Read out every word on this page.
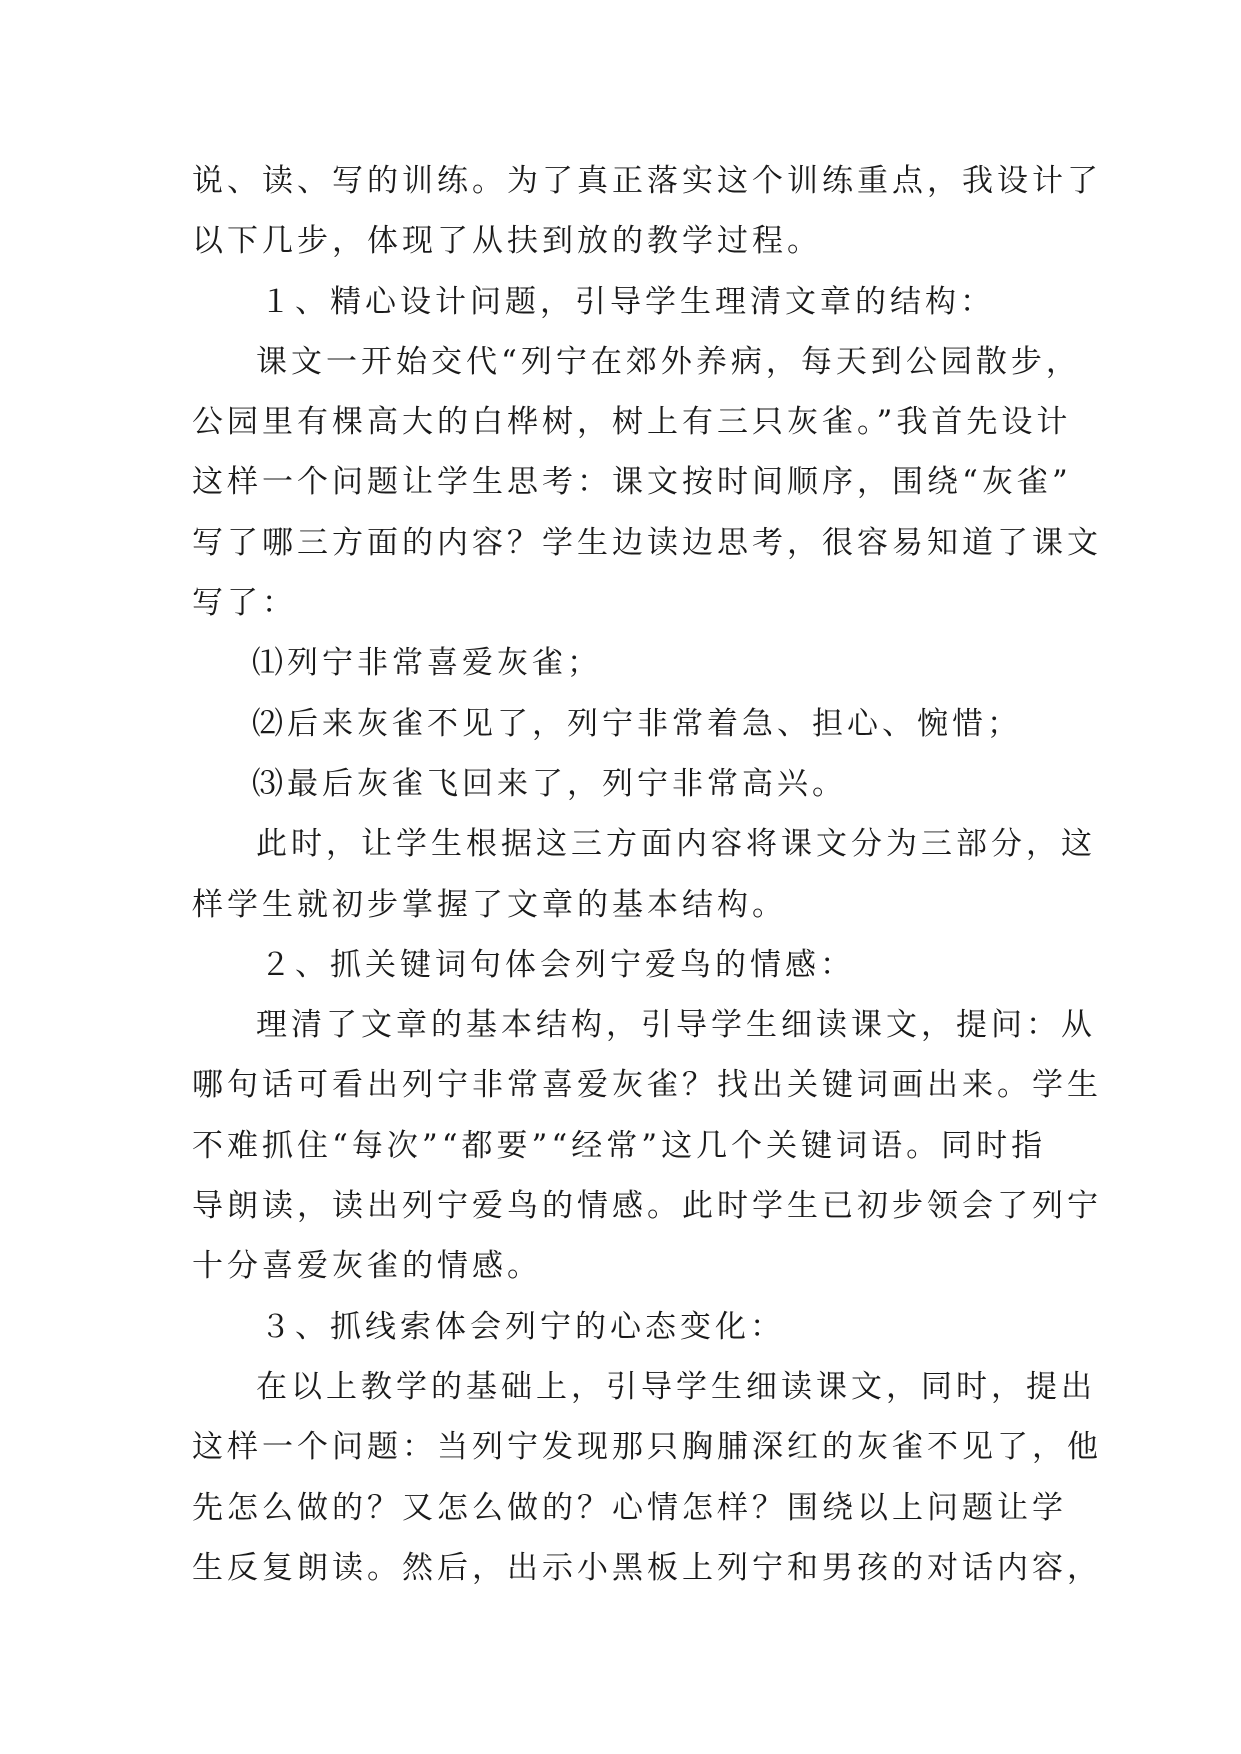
说、读、写的训练。为了真正落实这个训练重点，我设计了
以下几步，体现了从扶到放的教学过程。
１、精心设计问题，引导学生理清文章的结构：
课文一开始交代“列宁在郊外养病，每天到公园散步，
公园里有棵高大的白桦树，树上有三只灰雀。”我首先设计
这样一个问题让学生思考：课文按时间顺序，围绕“灰雀”
写了哪三方面的内容？学生边读边思考，很容易知道了课文
写了：
⑴列宁非常喜爱灰雀；
⑵后来灰雀不见了，列宁非常着急、担心、惋惜；
⑶最后灰雀飞回来了，列宁非常高兴。
此时，让学生根据这三方面内容将课文分为三部分，这
样学生就初步掌握了文章的基本结构。
２、抓关键词句体会列宁爱鸟的情感：
理清了文章的基本结构，引导学生细读课文，提问：从
哪句话可看出列宁非常喜爱灰雀？找出关键词画出来。学生
不难抓住“每次”“都要”“经常”这几个关键词语。同时指
导朗读，读出列宁爱鸟的情感。此时学生已初步领会了列宁
十分喜爱灰雀的情感。
３、抓线索体会列宁的心态变化：
在以上教学的基础上，引导学生细读课文，同时，提出
这样一个问题：当列宁发现那只胸脯深红的灰雀不见了，他
先怎么做的？又怎么做的？心情怎样？围绕以上问题让学
生反复朗读。然后，出示小黑板上列宁和男孩的对话内容，
